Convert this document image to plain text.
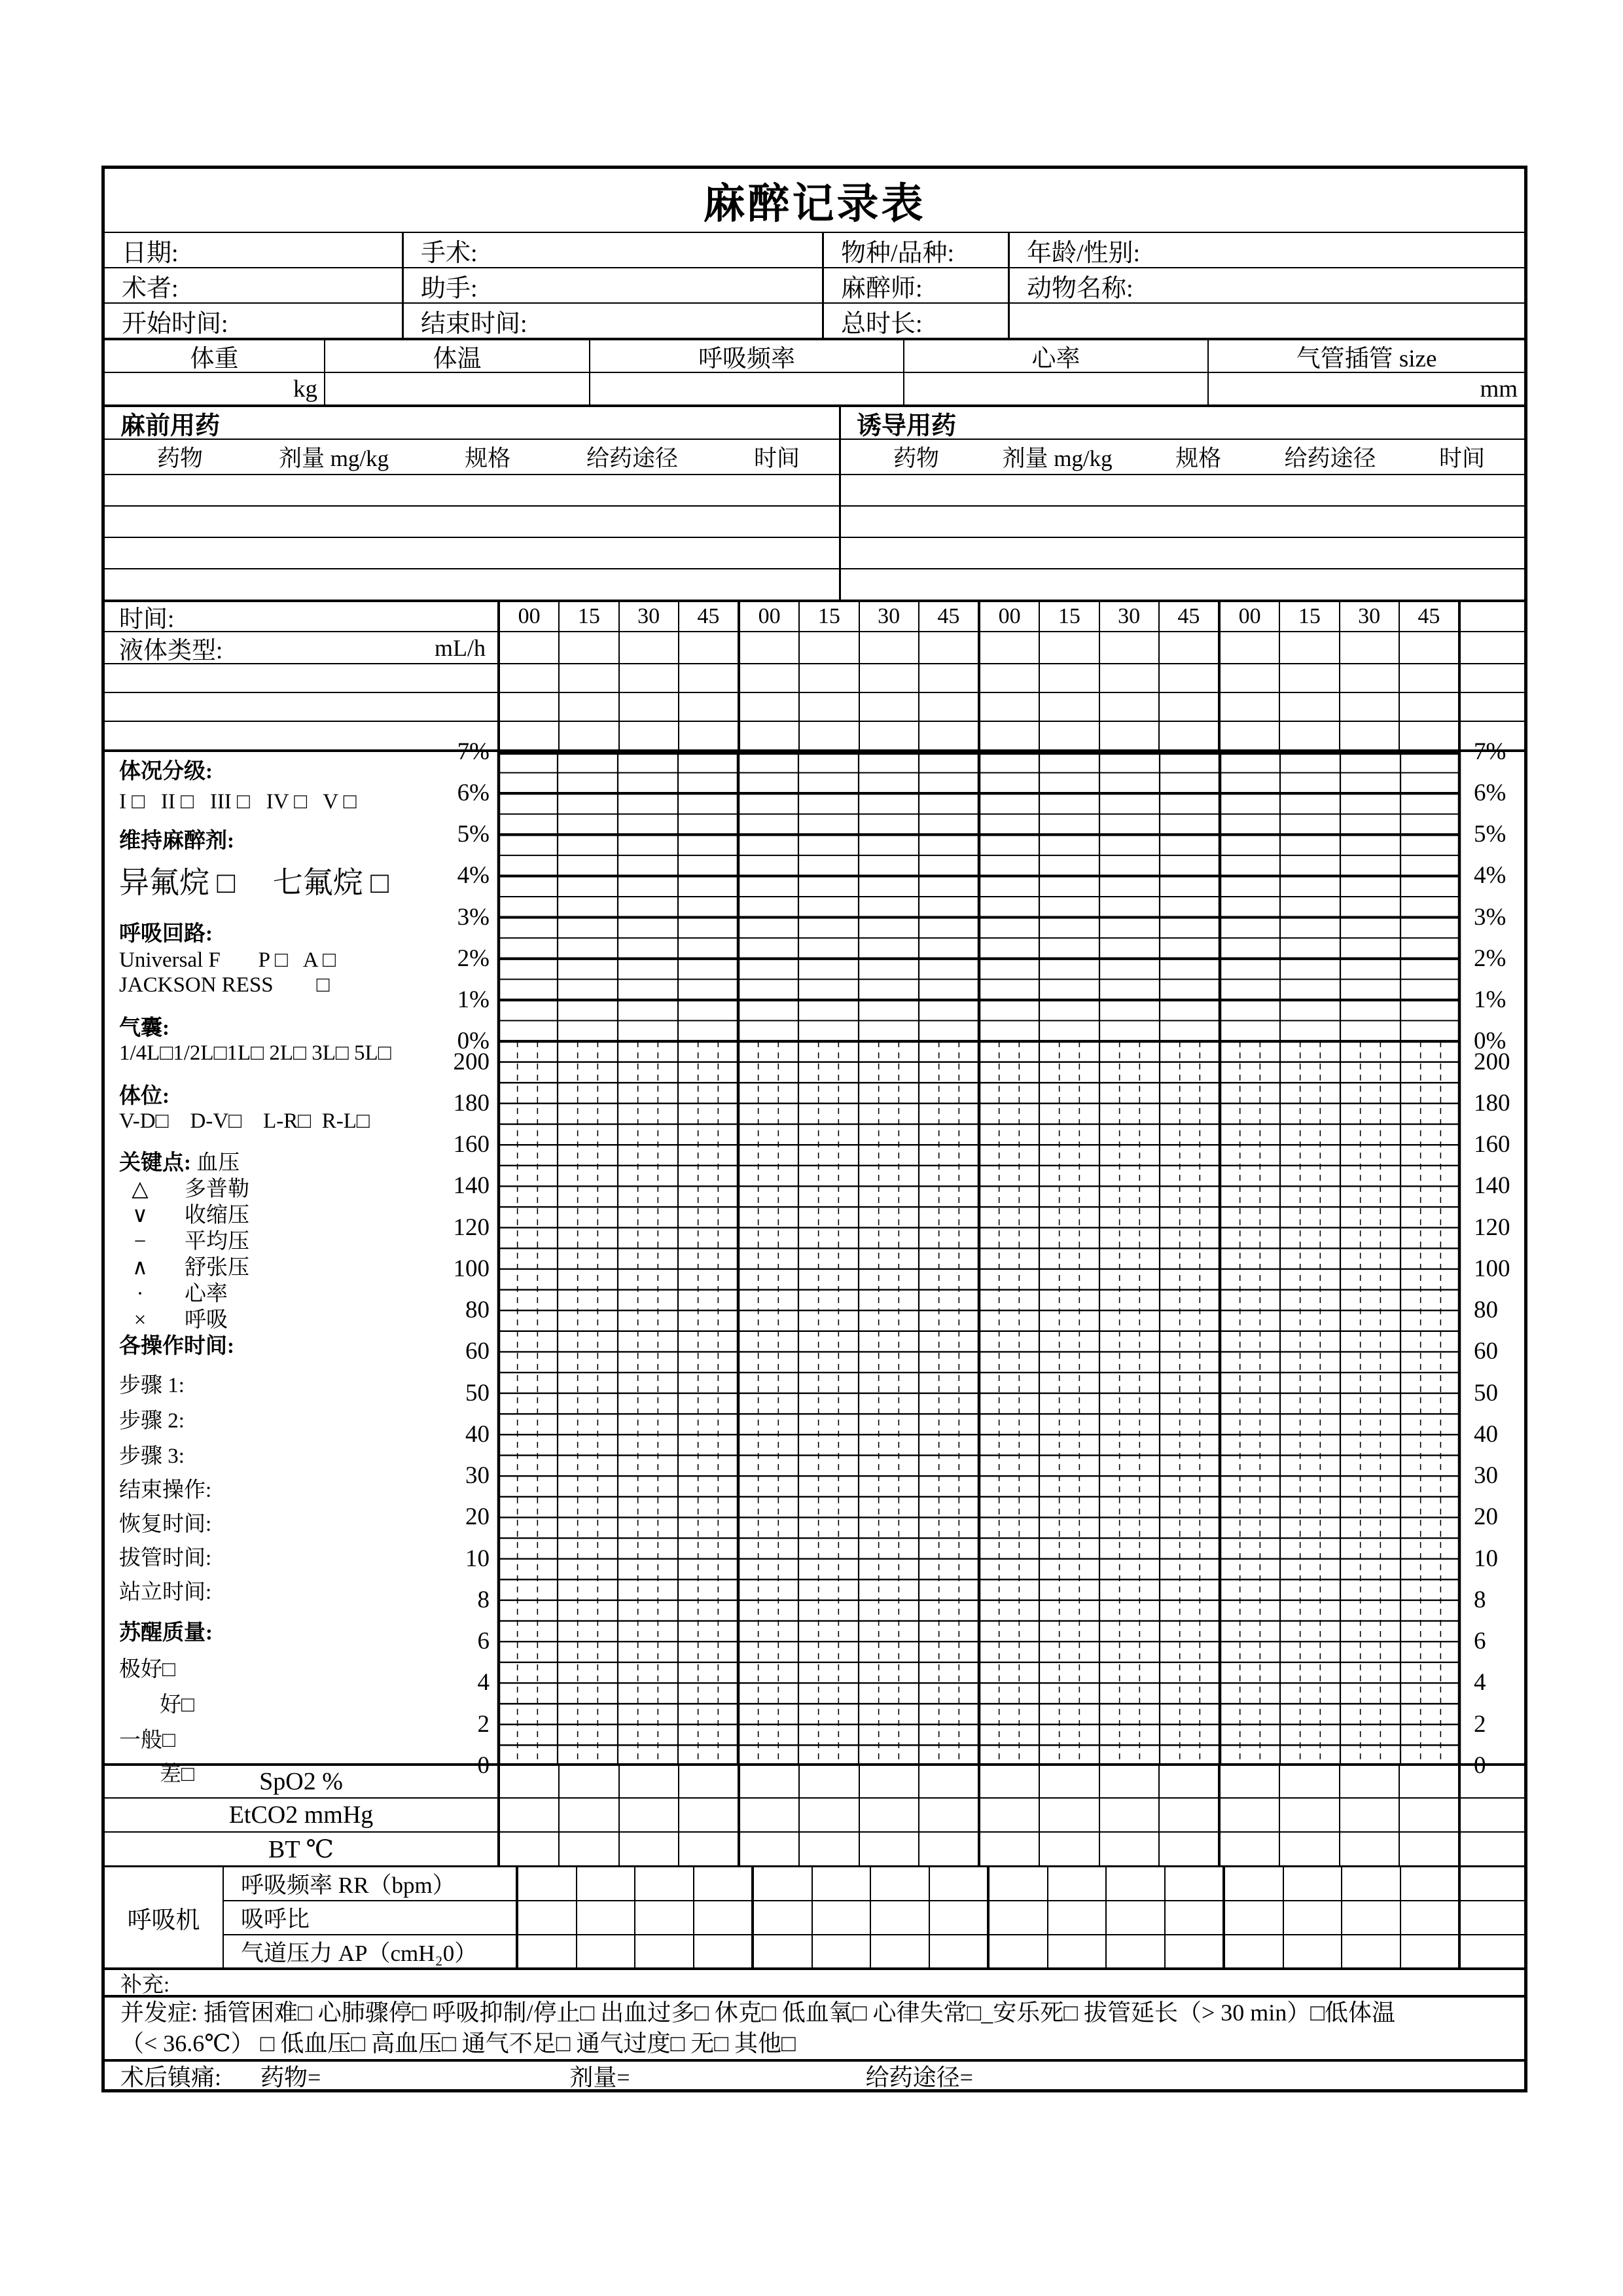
麻醉记录表
日期:	手术:	物种/品种:	年龄/性别:
术者:	助手:	麻醉师:	动物名称:
开始时间:	结束时间:	总时长:
体重	体温	呼吸频率	心率	气管插管 size
kg	mm
麻前用药	诱导用药
药物	剂量 mg/kg	规格	给药途径	时间	药物	剂量 mg/kg	规格	给药途径	时间
时间:	00	15	30	45	00	15	30	45	00	15	30	45	00	15	30	45
液体类型:	mL/h
体况分级:
I □   II □   III □   IV □   V □
维持麻醉剂:
异氟烷 □     七氟烷 □
呼吸回路:
Universal F       P □   A □
JACKSON RESS        □
气囊:
1/4L□1/2L□1L□ 2L□ 3L□ 5L□
体位:
V-D□    D-V□    L-R□  R-L□
关键点: 血压
△ 多普勒
∨ 收缩压
− 平均压
∧ 舒张压
· 心率
× 呼吸
各操作时间:
步骤 1:
步骤 2:
步骤 3:
结束操作:
恢复时间:
拔管时间:
站立时间:
苏醒质量:
极好□
好□
一般□
差□
7%
6%
5%
4%
3%
2%
1%
0%
200
180
160
140
120
100
80
60
50
40
30
20
10
8
6
4
2
0
7%
6%
5%
4%
3%
2%
1%
0%
200
180
160
140
120
100
80
60
50
40
30
20
10
8
6
4
2
0
SpO2 %
EtCO2 mmHg
BT ℃
呼吸机
呼吸频率 RR（bpm）
吸呼比
气道压力 AP（cmH₂0）
补充:
并发症: 插管困难□ 心肺骤停□ 呼吸抑制/停止□ 出血过多□ 休克□ 低血氧□ 心律失常□_安乐死□ 拔管延长（> 30 min）□低体温
（< 36.6℃） □ 低血压□ 高血压□ 通气不足□ 通气过度□ 无□ 其他□
术后镇痛: 药物=	剂量=	给药途径=
